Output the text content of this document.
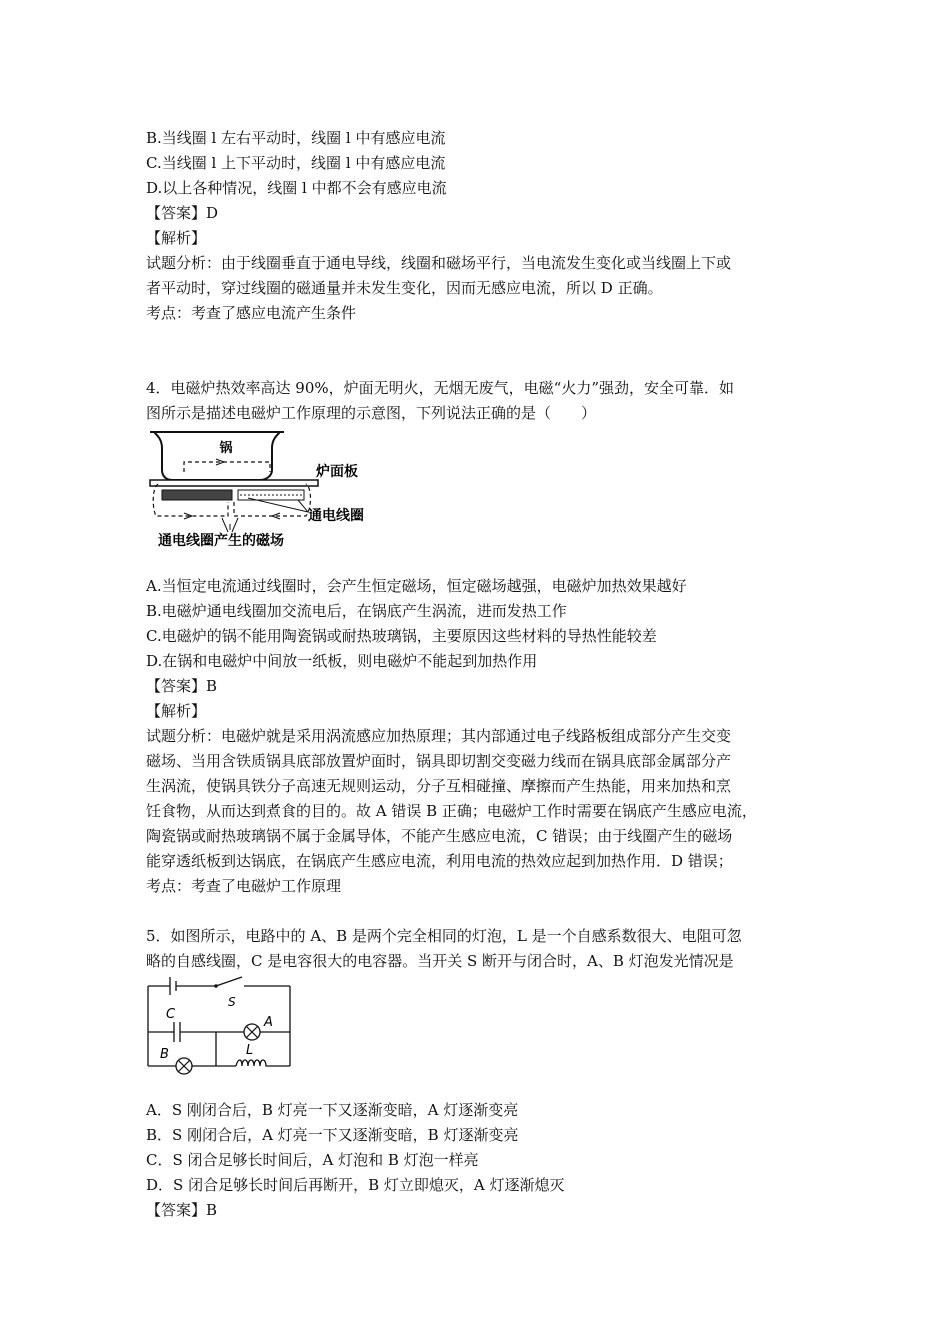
B.当线圈 l 左右平动时，线圈 l 中有感应电流
C.当线圈 l 上下平动时，线圈 l 中有感应电流
D.以上各种情况，线圈 l 中都不会有感应电流
【答案】D
【解析】
试题分析：由于线圈垂直于通电导线，线圈和磁场平行，当电流发生变化或当线圈上下或
者平动时，穿过线圈的磁通量并未发生变化，因而无感应电流，所以 D 正确。
考点：考查了感应电流产生条件
4．电磁炉热效率高达 90%，炉面无明火，无烟无废气，电磁“火力”强劲，安全可靠．如
图所示是描述电磁炉工作原理的示意图，下列说法正确的是（　　）
锅
炉面板
通电线圈
通电线圈产生的磁场
A.当恒定电流通过线圈时，会产生恒定磁场，恒定磁场越强，电磁炉加热效果越好
B.电磁炉通电线圈加交流电后，在锅底产生涡流，进而发热工作
C.电磁炉的锅不能用陶瓷锅或耐热玻璃锅，主要原因这些材料的导热性能较差
D.在锅和电磁炉中间放一纸板，则电磁炉不能起到加热作用
【答案】B
【解析】
试题分析：电磁炉就是采用涡流感应加热原理；其内部通过电子线路板组成部分产生交变
磁场、当用含铁质锅具底部放置炉面时，锅具即切割交变磁力线而在锅具底部金属部分产
生涡流，使锅具铁分子高速无规则运动，分子互相碰撞、摩擦而产生热能，用来加热和烹
饪食物，从而达到煮食的目的。故 A 错误 B 正确；电磁炉工作时需要在锅底产生感应电流，
陶瓷锅或耐热玻璃锅不属于金属导体，不能产生感应电流，C 错误；由于线圈产生的磁场
能穿透纸板到达锅底，在锅底产生感应电流，利用电流的热效应起到加热作用．D 错误；
考点：考查了电磁炉工作原理
5．如图所示，电路中的 A、B 是两个完全相同的灯泡，L 是一个自感系数很大、电阻可忽
略的自感线圈，C 是电容很大的电容器。当开关 S 断开与闭合时，A、B 灯泡发光情况是
S
C
A
B	L
A．S 刚闭合后，B 灯亮一下又逐渐变暗，A 灯逐渐变亮
B．S 刚闭合后，A 灯亮一下又逐渐变暗，B 灯逐渐变亮
C．S 闭合足够长时间后，A 灯泡和 B 灯泡一样亮
D．S 闭合足够长时间后再断开，B 灯立即熄灭，A 灯逐渐熄灭
【答案】B
